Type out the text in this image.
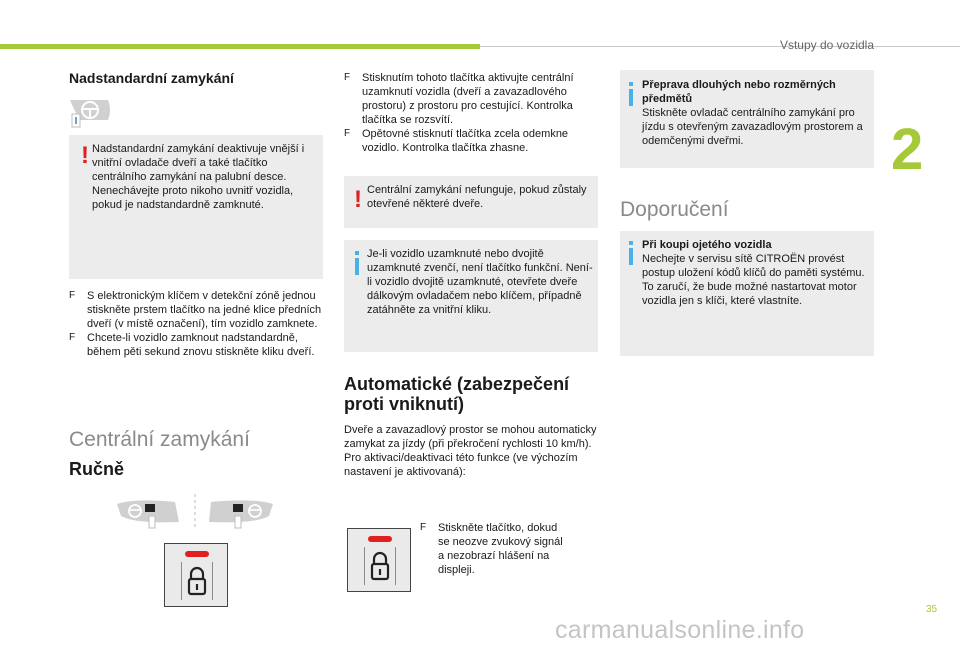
Vstupy do vozidla
2
Nadstandardní zamykání
! Nadstandardní zamykání deaktivuje vnější i vnitřní ovladače dveří a také tlačítko centrálního zamykání na palubní desce. Nenechávejte proto nikoho uvnitř vozidla, pokud je nadstandardně zamknuté.
F S elektronickým klíčem v detekční zóně jednou stiskněte prstem tlačítko na jedné klice předních dveří (v místě označení), tím vozidlo zamknete.
F Chcete-li vozidlo zamknout nadstandardně, během pěti sekund znovu stiskněte kliku dveří.
Centrální zamykání
Ručně
F Stisknutím tohoto tlačítka aktivujte centrální uzamknutí vozidla (dveří a zavazadlového prostoru) z prostoru pro cestující. Kontrolka tlačítka se rozsvítí.
F Opětovné stisknutí tlačítka zcela odemkne vozidlo. Kontrolka tlačítka zhasne.
! Centrální zamykání nefunguje, pokud zůstaly otevřené některé dveře.
Je-li vozidlo uzamknuté nebo dvojitě uzamknuté zvenčí, není tlačítko funkční. Není-li vozidlo dvojitě uzamknuté, otevřete dveře dálkovým ovladačem nebo klíčem, případně zatáhněte za vnitřní kliku.
Automatické (zabezpečení proti vniknutí)
Dveře a zavazadlový prostor se mohou automaticky zamykat za jízdy (při překročení rychlosti 10 km/h).
Pro aktivaci/deaktivaci této funkce (ve výchozím nastavení je aktivovaná):
F Stiskněte tlačítko, dokud se neozve zvukový signál a nezobrazí hlášení na displeji.
Přeprava dlouhých nebo rozměrných předmětů
Stiskněte ovladač centrálního zamykání pro jízdu s otevřeným zavazadlovým prostorem a odemčenými dveřmi.
Doporučení
Při koupi ojetého vozidla
Nechejte v servisu sítě CITROËN provést postup uložení kódů klíčů do paměti systému. To zaručí, že bude možné nastartovat motor vozidla jen s klíči, které vlastníte.
35
carmanualsonline.info
